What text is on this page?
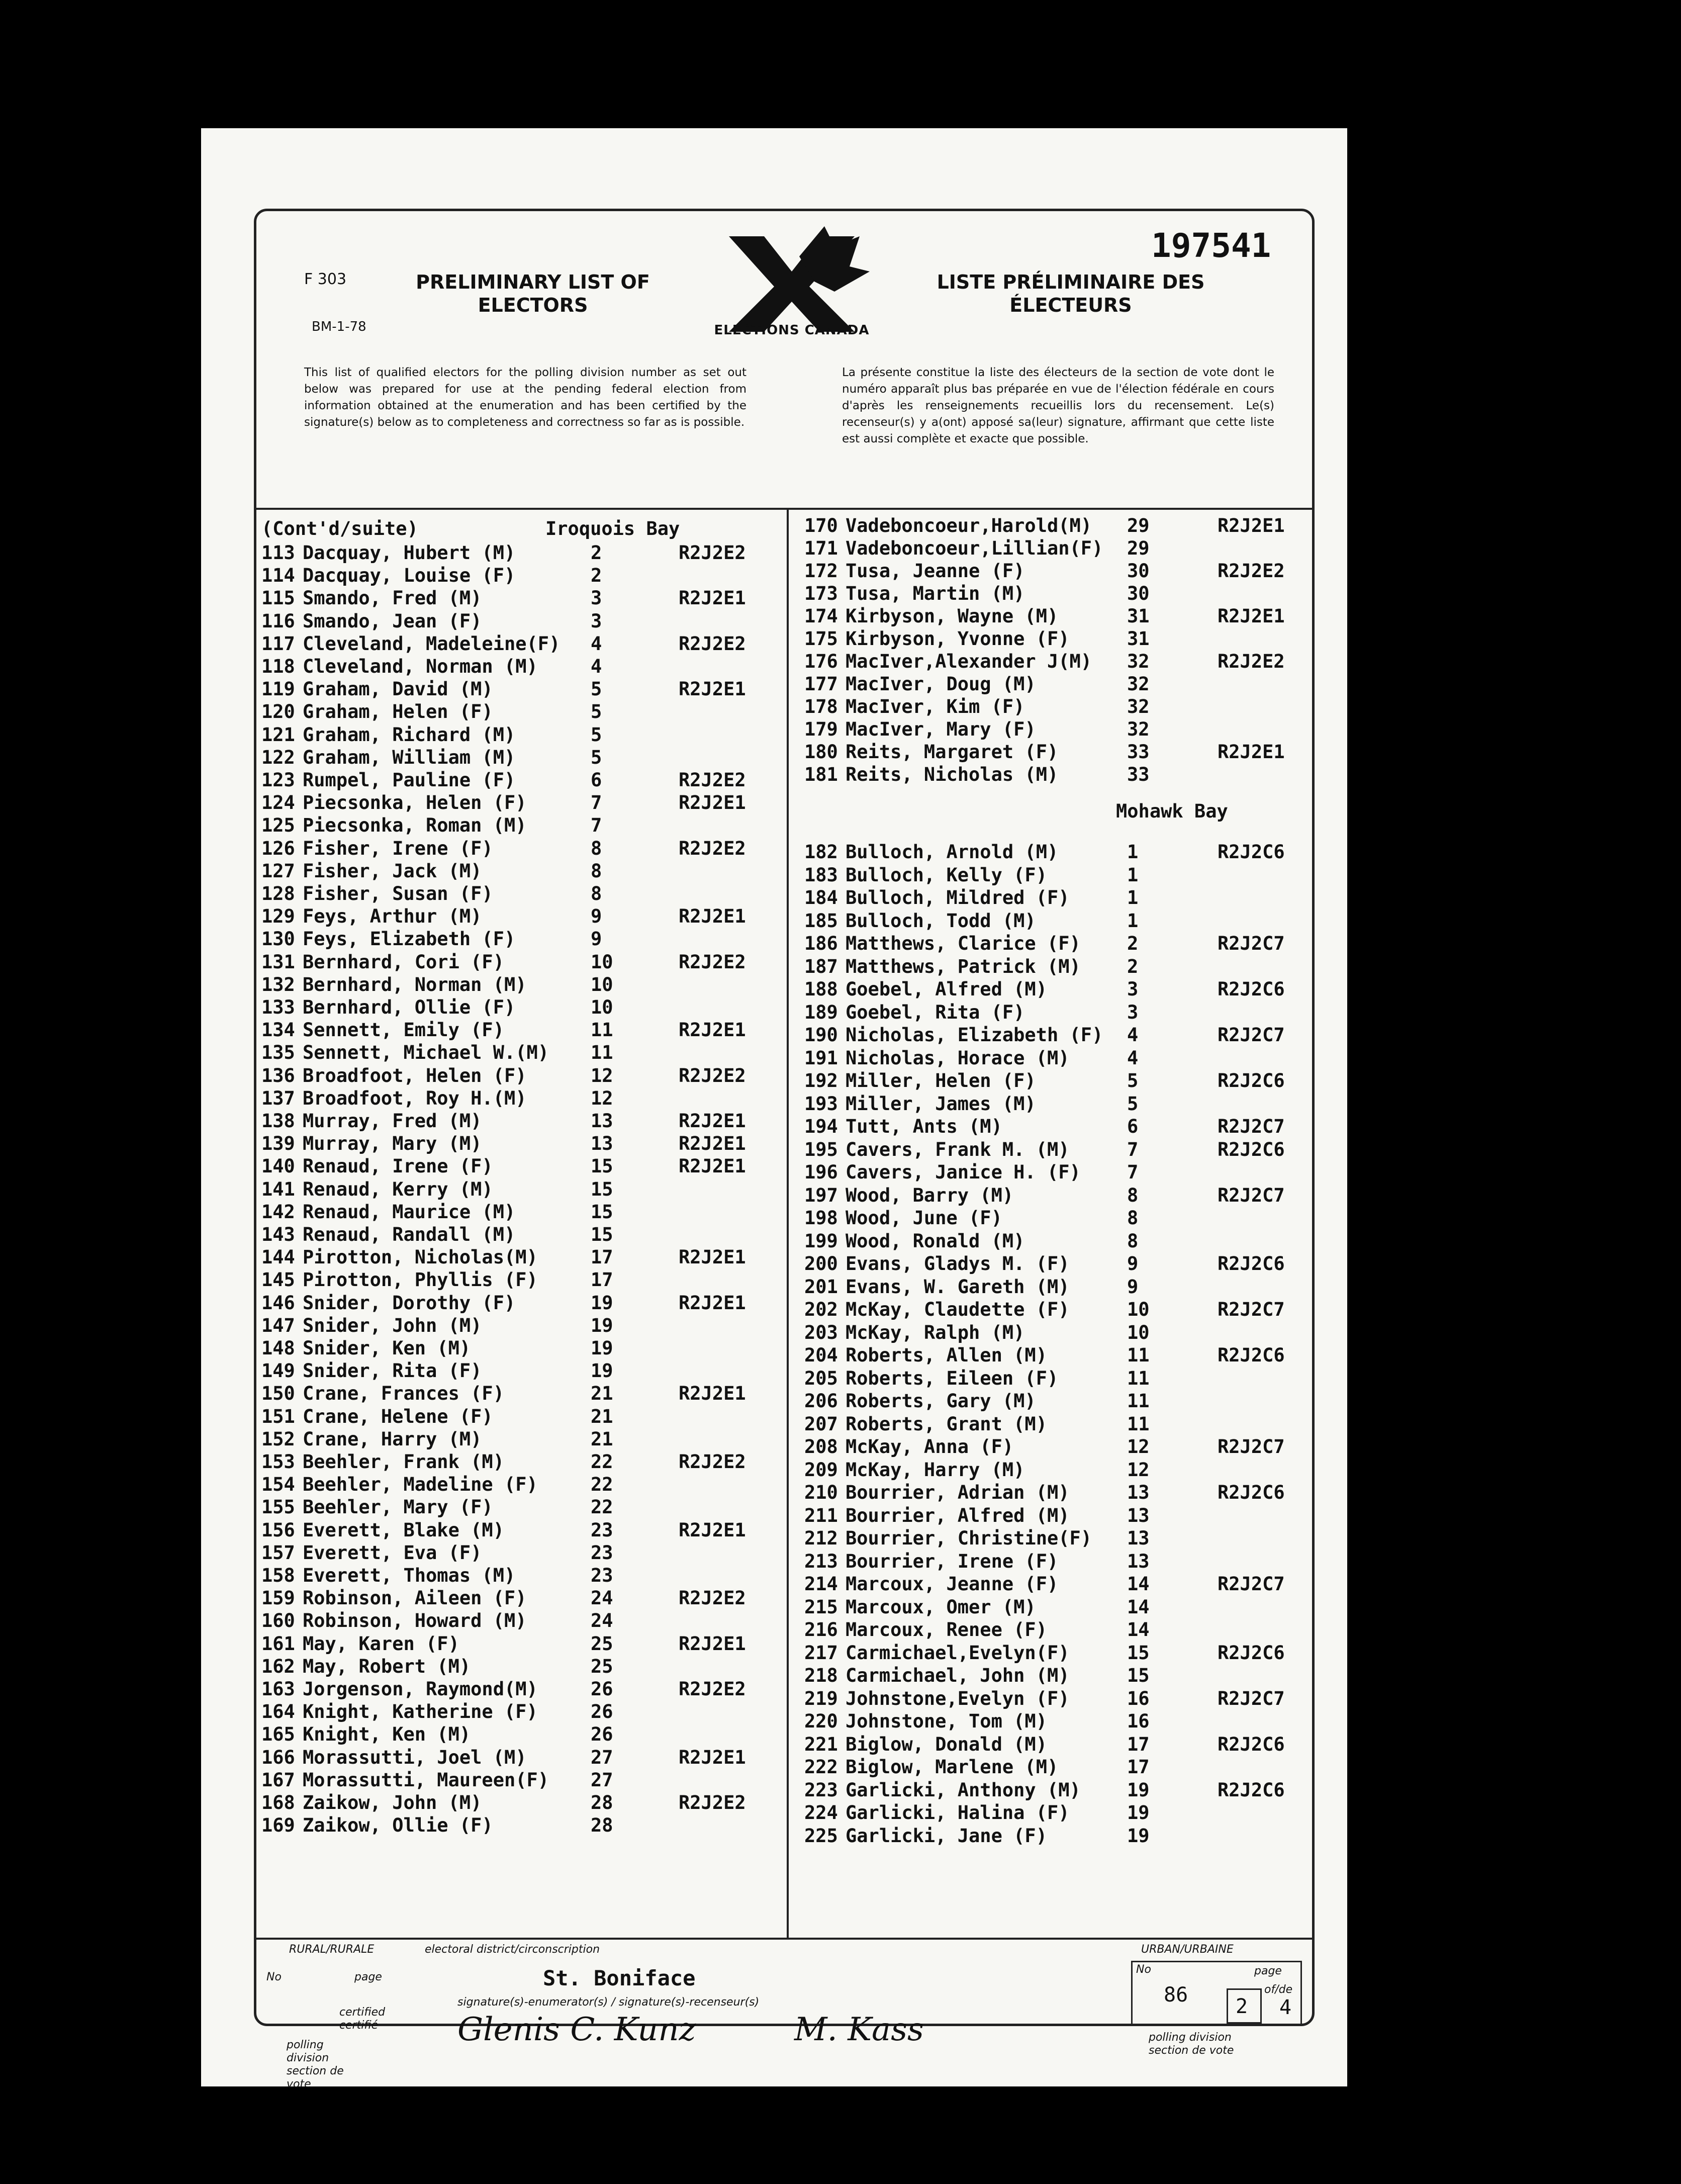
197541
F 303
BM-1-78
PRELIMINARY LIST OF ELECTORS
LISTE PRÉLIMINAIRE DES ÉLECTEURS
ELECTIONS CANADA
This list of qualified electors for the polling division number as set out below was prepared for use at the pending federal election from information obtained at the enumeration and has been certified by the signature(s) below as to completeness and correctness so far as is possible.
La présente constitue la liste des électeurs de la section de vote dont le numéro apparaît plus bas préparée en vue de l'élection fédérale en cours d'après les renseignements recueillis lors du recensement. Le(s) recenseur(s) y a(ont) apposé sa(leur) signature, affirmant que cette liste est aussi complète et exacte que possible.
(Cont'd/suite)	Iroquois Bay
113 Dacquay, Hubert (M)	2	R2J2E2
114 Dacquay, Louise (F)	2
115 Smando, Fred (M)	3	R2J2E1
116 Smando, Jean (F)	3
117 Cleveland, Madeleine(F) 4	R2J2E2
118 Cleveland, Norman (M)	4
119 Graham, David (M)	5	R2J2E1
120 Graham, Helen (F)	5
121 Graham, Richard (M)	5
122 Graham, William (M)	5
123 Rumpel, Pauline (F)	6	R2J2E2
124 Piecsonka, Helen (F)	7	R2J2E1
125 Piecsonka, Roman (M)	7
126 Fisher, Irene (F)	8	R2J2E2
127 Fisher, Jack (M)	8
128 Fisher, Susan (F)	8
129 Feys, Arthur (M)	9	R2J2E1
130 Feys, Elizabeth (F)	9
131 Bernhard, Cori (F)	10	R2J2E2
132 Bernhard, Norman (M)	10
133 Bernhard, Ollie (F)	10
134 Sennett, Emily (F)	11	R2J2E1
135 Sennett, Michael W.(M) 11
136 Broadfoot, Helen (F)	12	R2J2E2
137 Broadfoot, Roy H.(M)	12
138 Murray, Fred (M)	13	R2J2E1
139 Murray, Mary (M)	13	R2J2E1
140 Renaud, Irene (F)	15	R2J2E1
141 Renaud, Kerry (M)	15
142 Renaud, Maurice (M)	15
143 Renaud, Randall (M)	15
144 Pirotton, Nicholas(M)	17	R2J2E1
145 Pirotton, Phyllis (F)	17
146 Snider, Dorothy (F)	19	R2J2E1
147 Snider, John (M)	19
148 Snider, Ken (M)	19
149 Snider, Rita (F)	19
150 Crane, Frances (F)	21	R2J2E1
151 Crane, Helene (F)	21
152 Crane, Harry (M)	21
153 Beehler, Frank (M)	22	R2J2E2
154 Beehler, Madeline (F)	22
155 Beehler, Mary (F)	22
156 Everett, Blake (M)	23	R2J2E1
157 Everett, Eva (F)	23
158 Everett, Thomas (M)	23
159 Robinson, Aileen (F)	24	R2J2E2
160 Robinson, Howard (M)	24
161 May, Karen (F)	25	R2J2E1
162 May, Robert (M)	25
163 Jorgenson, Raymond(M)	26	R2J2E2
164 Knight, Katherine (F)	26
165 Knight, Ken (M)	26
166 Morassutti, Joel (M)	27	R2J2E1
167 Morassutti, Maureen(F) 27
168 Zaikow, John (M)	28	R2J2E2
169 Zaikow, Ollie (F)	28
170 Vadeboncoeur,Harold(M) 29	R2J2E1
171 Vadeboncoeur,Lillian(F) 29
172 Tusa, Jeanne (F)	30	R2J2E2
173 Tusa, Martin (M)	30
174 Kirbyson, Wayne (M)	31	R2J2E1
175 Kirbyson, Yvonne (F)	31
176 MacIver,Alexander J(M) 32	R2J2E2
177 MacIver, Doug (M)	32
178 MacIver, Kim (F)	32
179 MacIver, Mary (F)	32
180 Reits, Margaret (F)	33	R2J2E1
181 Reits, Nicholas (M)	33
Mohawk Bay
182 Bulloch, Arnold (M)	1	R2J2C6
183 Bulloch, Kelly (F)	1
184 Bulloch, Mildred (F)	1
185 Bulloch, Todd (M)	1
186 Matthews, Clarice (F) 2	R2J2C7
187 Matthews, Patrick (M) 2
188 Goebel, Alfred (M)	3	R2J2C6
189 Goebel, Rita (F)	3
190 Nicholas, Elizabeth (F) 4	R2J2C7
191 Nicholas, Horace (M)	4
192 Miller, Helen (F)	5	R2J2C6
193 Miller, James (M)	5
194 Tutt, Ants (M)	6	R2J2C7
195 Cavers, Frank M. (M)	7	R2J2C6
196 Cavers, Janice H. (F) 7
197 Wood, Barry (M)	8	R2J2C7
198 Wood, June (F)	8
199 Wood, Ronald (M)	8
200 Evans, Gladys M. (F)	9	R2J2C6
201 Evans, W. Gareth (M)	9
202 McKay, Claudette (F)	10	R2J2C7
203 McKay, Ralph (M)	10
204 Roberts, Allen (M)	11	R2J2C6
205 Roberts, Eileen (F)	11
206 Roberts, Gary (M)	11
207 Roberts, Grant (M)	11
208 McKay, Anna (F)	12	R2J2C7
209 McKay, Harry (M)	12
210 Bourrier, Adrian (M)	13	R2J2C6
211 Bourrier, Alfred (M)	13
212 Bourrier, Christine(F) 13
213 Bourrier, Irene (F)	13
214 Marcoux, Jeanne (F)	14	R2J2C7
215 Marcoux, Omer (M)	14
216 Marcoux, Renee (F)	14
217 Carmichael,Evelyn(F)	15	R2J2C6
218 Carmichael, John (M)	15
219 Johnstone,Evelyn (F)	16	R2J2C7
220 Johnstone, Tom (M)	16
221 Biglow, Donald (M)	17	R2J2C6
222 Biglow, Marlene (M)	17
223 Garlicki, Anthony (M) 19	R2J2C6
224 Garlicki, Halina (F)	19
225 Garlicki, Jane (F)	19
RURAL/RURALE	electoral district/circonscription	URBAN/URBAINE
No	page	St. Boniface
signature(s)-enumerator(s) / signature(s)-recenseur(s)
certified certifié
polling division section de vote
Glenis C. Kunz	M. Kass
No	page
86 2
of/de
4
polling division section de vote
